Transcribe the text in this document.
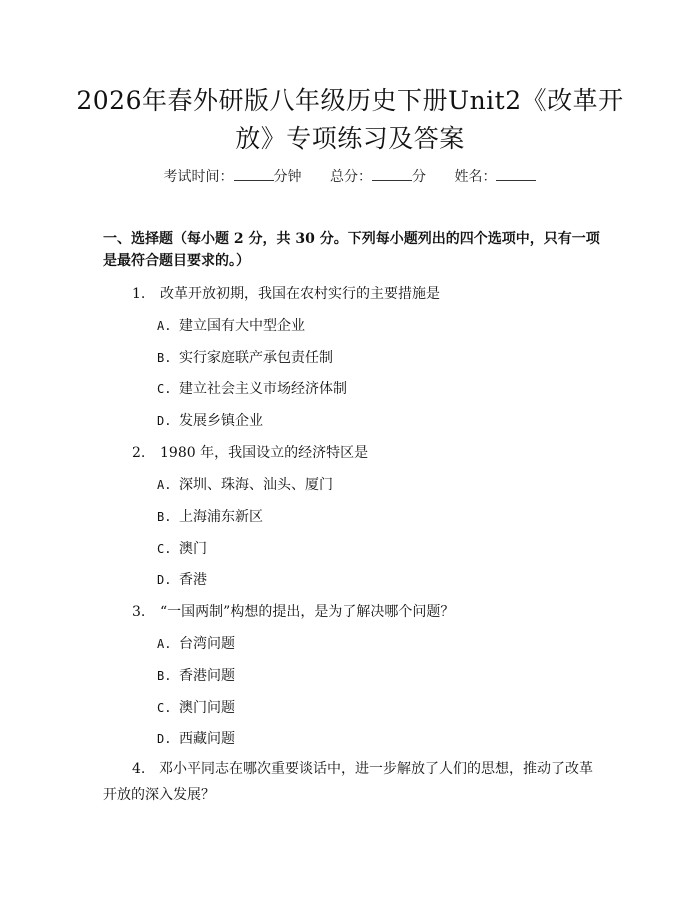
2026年春外研版八年级历史下册Unit2《改革开放》专项练习及答案
考试时间：	分钟 总分：	分 姓名：
一、选择题（每小题 2 分，共 30 分。下列每小题列出的四个选项中，只有一项是最符合题目要求的。）
1. 改革开放初期，我国在农村实行的主要措施是
A. 建立国有大中型企业
B. 实行家庭联产承包责任制
C. 建立社会主义市场经济体制
D. 发展乡镇企业
2. 1980 年，我国设立的经济特区是
A. 深圳、珠海、汕头、厦门
B. 上海浦东新区
C. 澳门
D. 香港
3. “一国两制”构想的提出，是为了解决哪个问题？
A. 台湾问题
B. 香港问题
C. 澳门问题
D. 西藏问题
4. 邓小平同志在哪次重要谈话中，进一步解放了人们的思想，推动了改革开放的深入发展？
